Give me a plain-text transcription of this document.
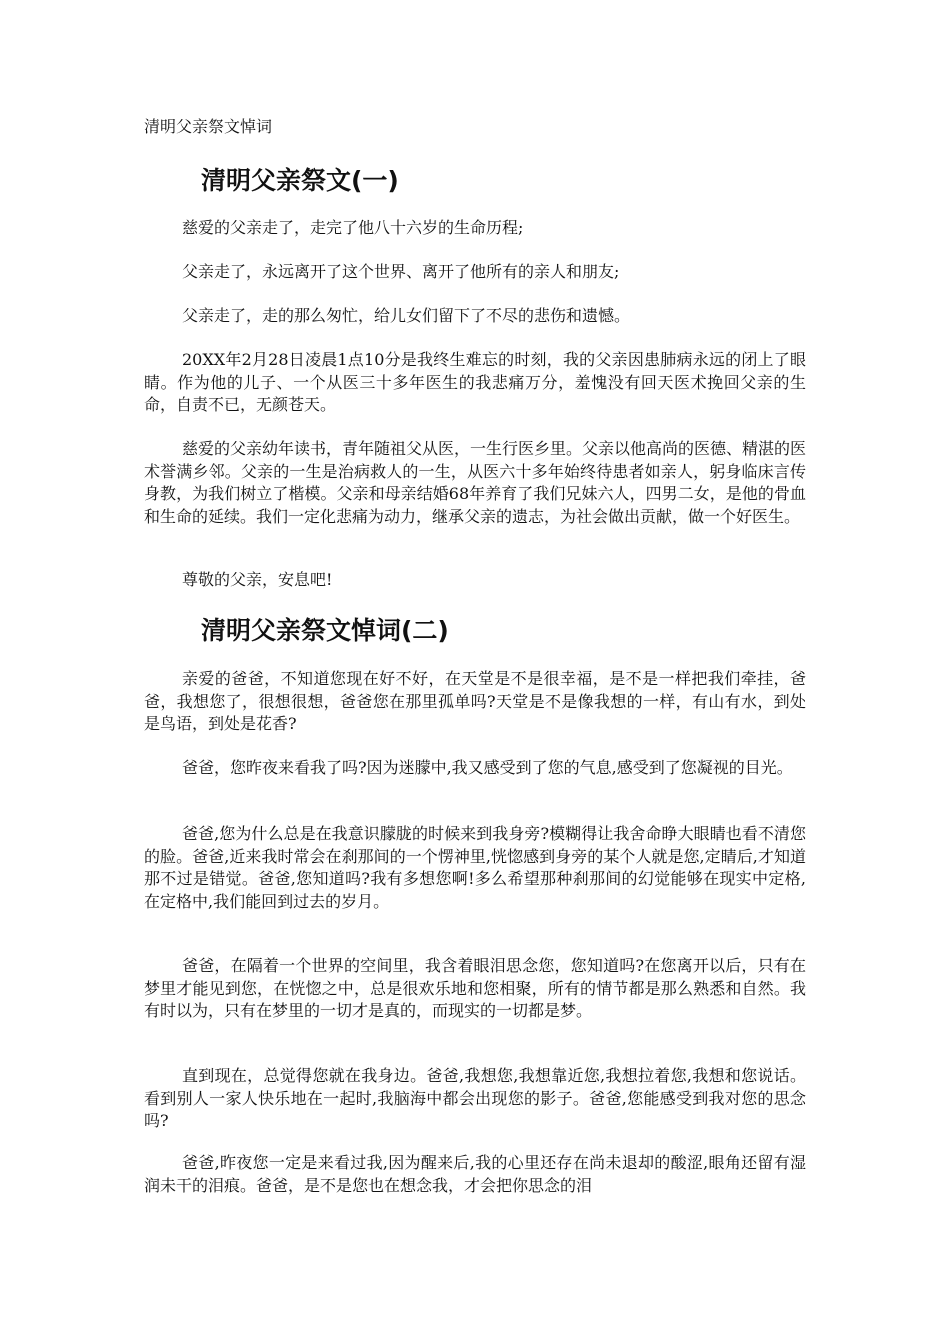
清明父亲祭文悼词
清明父亲祭文(一)

慈爱的父亲走了，走完了他八十六岁的生命历程;

父亲走了，永远离开了这个世界、离开了他所有的亲人和朋友;

父亲走了，走的那么匆忙，给儿女们留下了不尽的悲伤和遗憾。

20XX年2月28日凌晨1点10分是我终生难忘的时刻，我的父亲因患肺病永远的闭上了眼睛。作为他的儿子、一个从医三十多年医生的我悲痛万分，羞愧没有回天医术挽回父亲的生命，自责不已，无颜苍天。

慈爱的父亲幼年读书，青年随祖父从医，一生行医乡里。父亲以他高尚的医德、精湛的医术誉满乡邻。父亲的一生是治病救人的一生，从医六十多年始终待患者如亲人，躬身临床言传身教，为我们树立了楷模。父亲和母亲结婚68年养育了我们兄妹六人，四男二女，是他的骨血和生命的延续。我们一定化悲痛为动力，继承父亲的遗志，为社会做出贡献，做一个好医生。

尊敬的父亲，安息吧!

清明父亲祭文悼词(二)

亲爱的爸爸，不知道您现在好不好，在天堂是不是很幸福，是不是一样把我们牵挂，爸爸，我想您了，很想很想，爸爸您在那里孤单吗?天堂是不是像我想的一样，有山有水，到处是鸟语，到处是花香?

爸爸，您昨夜来看我了吗?因为迷朦中,我又感受到了您的气息,感受到了您凝视的目光。

爸爸,您为什么总是在我意识朦胧的时候来到我身旁?模糊得让我舍命睁大眼睛也看不清您的脸。爸爸,近来我时常会在刹那间的一个愣神里,恍惚感到身旁的某个人就是您,定睛后,才知道那不过是错觉。爸爸,您知道吗?我有多想您啊!多么希望那种刹那间的幻觉能够在现实中定格,在定格中,我们能回到过去的岁月。

爸爸，在隔着一个世界的空间里，我含着眼泪思念您，您知道吗?在您离开以后，只有在梦里才能见到您，在恍惚之中，总是很欢乐地和您相聚，所有的情节都是那么熟悉和自然。我有时以为，只有在梦里的一切才是真的，而现实的一切都是梦。

直到现在，总觉得您就在我身边。爸爸,我想您,我想靠近您,我想拉着您,我想和您说话。看到别人一家人快乐地在一起时,我脑海中都会出现您的影子。爸爸,您能感受到我对您的思念吗?

爸爸,昨夜您一定是来看过我,因为醒来后,我的心里还存在尚未退却的酸涩,眼角还留有湿润未干的泪痕。爸爸，是不是您也在想念我，才会把你思念的泪
